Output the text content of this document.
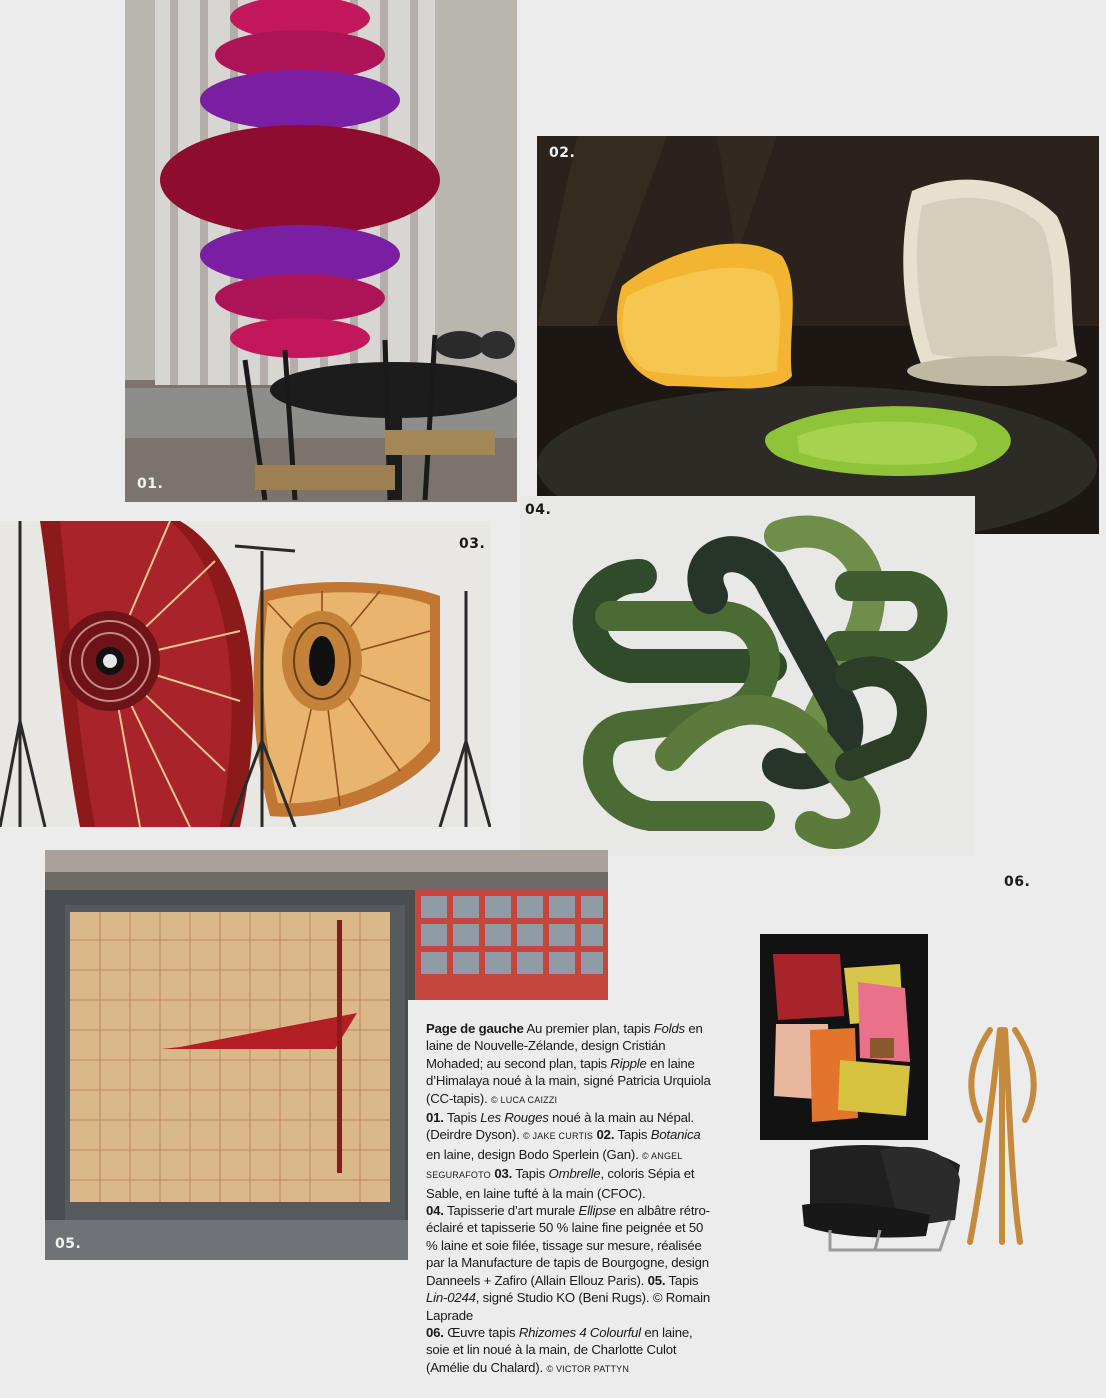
01.
02.
03.
04.
05.
06.

Page de gauche Au premier plan, tapis Folds en laine de Nouvelle-Zélande, design Cristián Mohaded; au second plan, tapis Ripple en laine d’Himalaya noué à la main, signé Patricia Urquiola (CC-tapis). © LUCA CAIZZI
01. Tapis Les Rouges noué à la main au Népal. (Deirdre Dyson). © JAKE CURTIS 02. Tapis Botanica en laine, design Bodo Sperlein (Gan). © ANGEL SEGURAFOTO 03. Tapis Ombrelle, coloris Sépia et Sable, en laine tufté à la main (CFOC).
04. Tapisserie d’art murale Ellipse en albâtre rétro-éclairé et tapisserie 50 % laine fine peignée et 50 % laine et soie filée, tissage sur mesure, réalisée par la Manufacture de tapis de Bourgogne, design Danneels + Zafiro (Allain Ellouz Paris). 05. Tapis Lin-0244, signé Studio KO (Beni Rugs). © Romain Laprade
06. Œuvre tapis Rhizomes 4 Colourful en laine, soie et lin noué à la main, de Charlotte Culot (Amélie du Chalard). © VICTOR PATTYN
